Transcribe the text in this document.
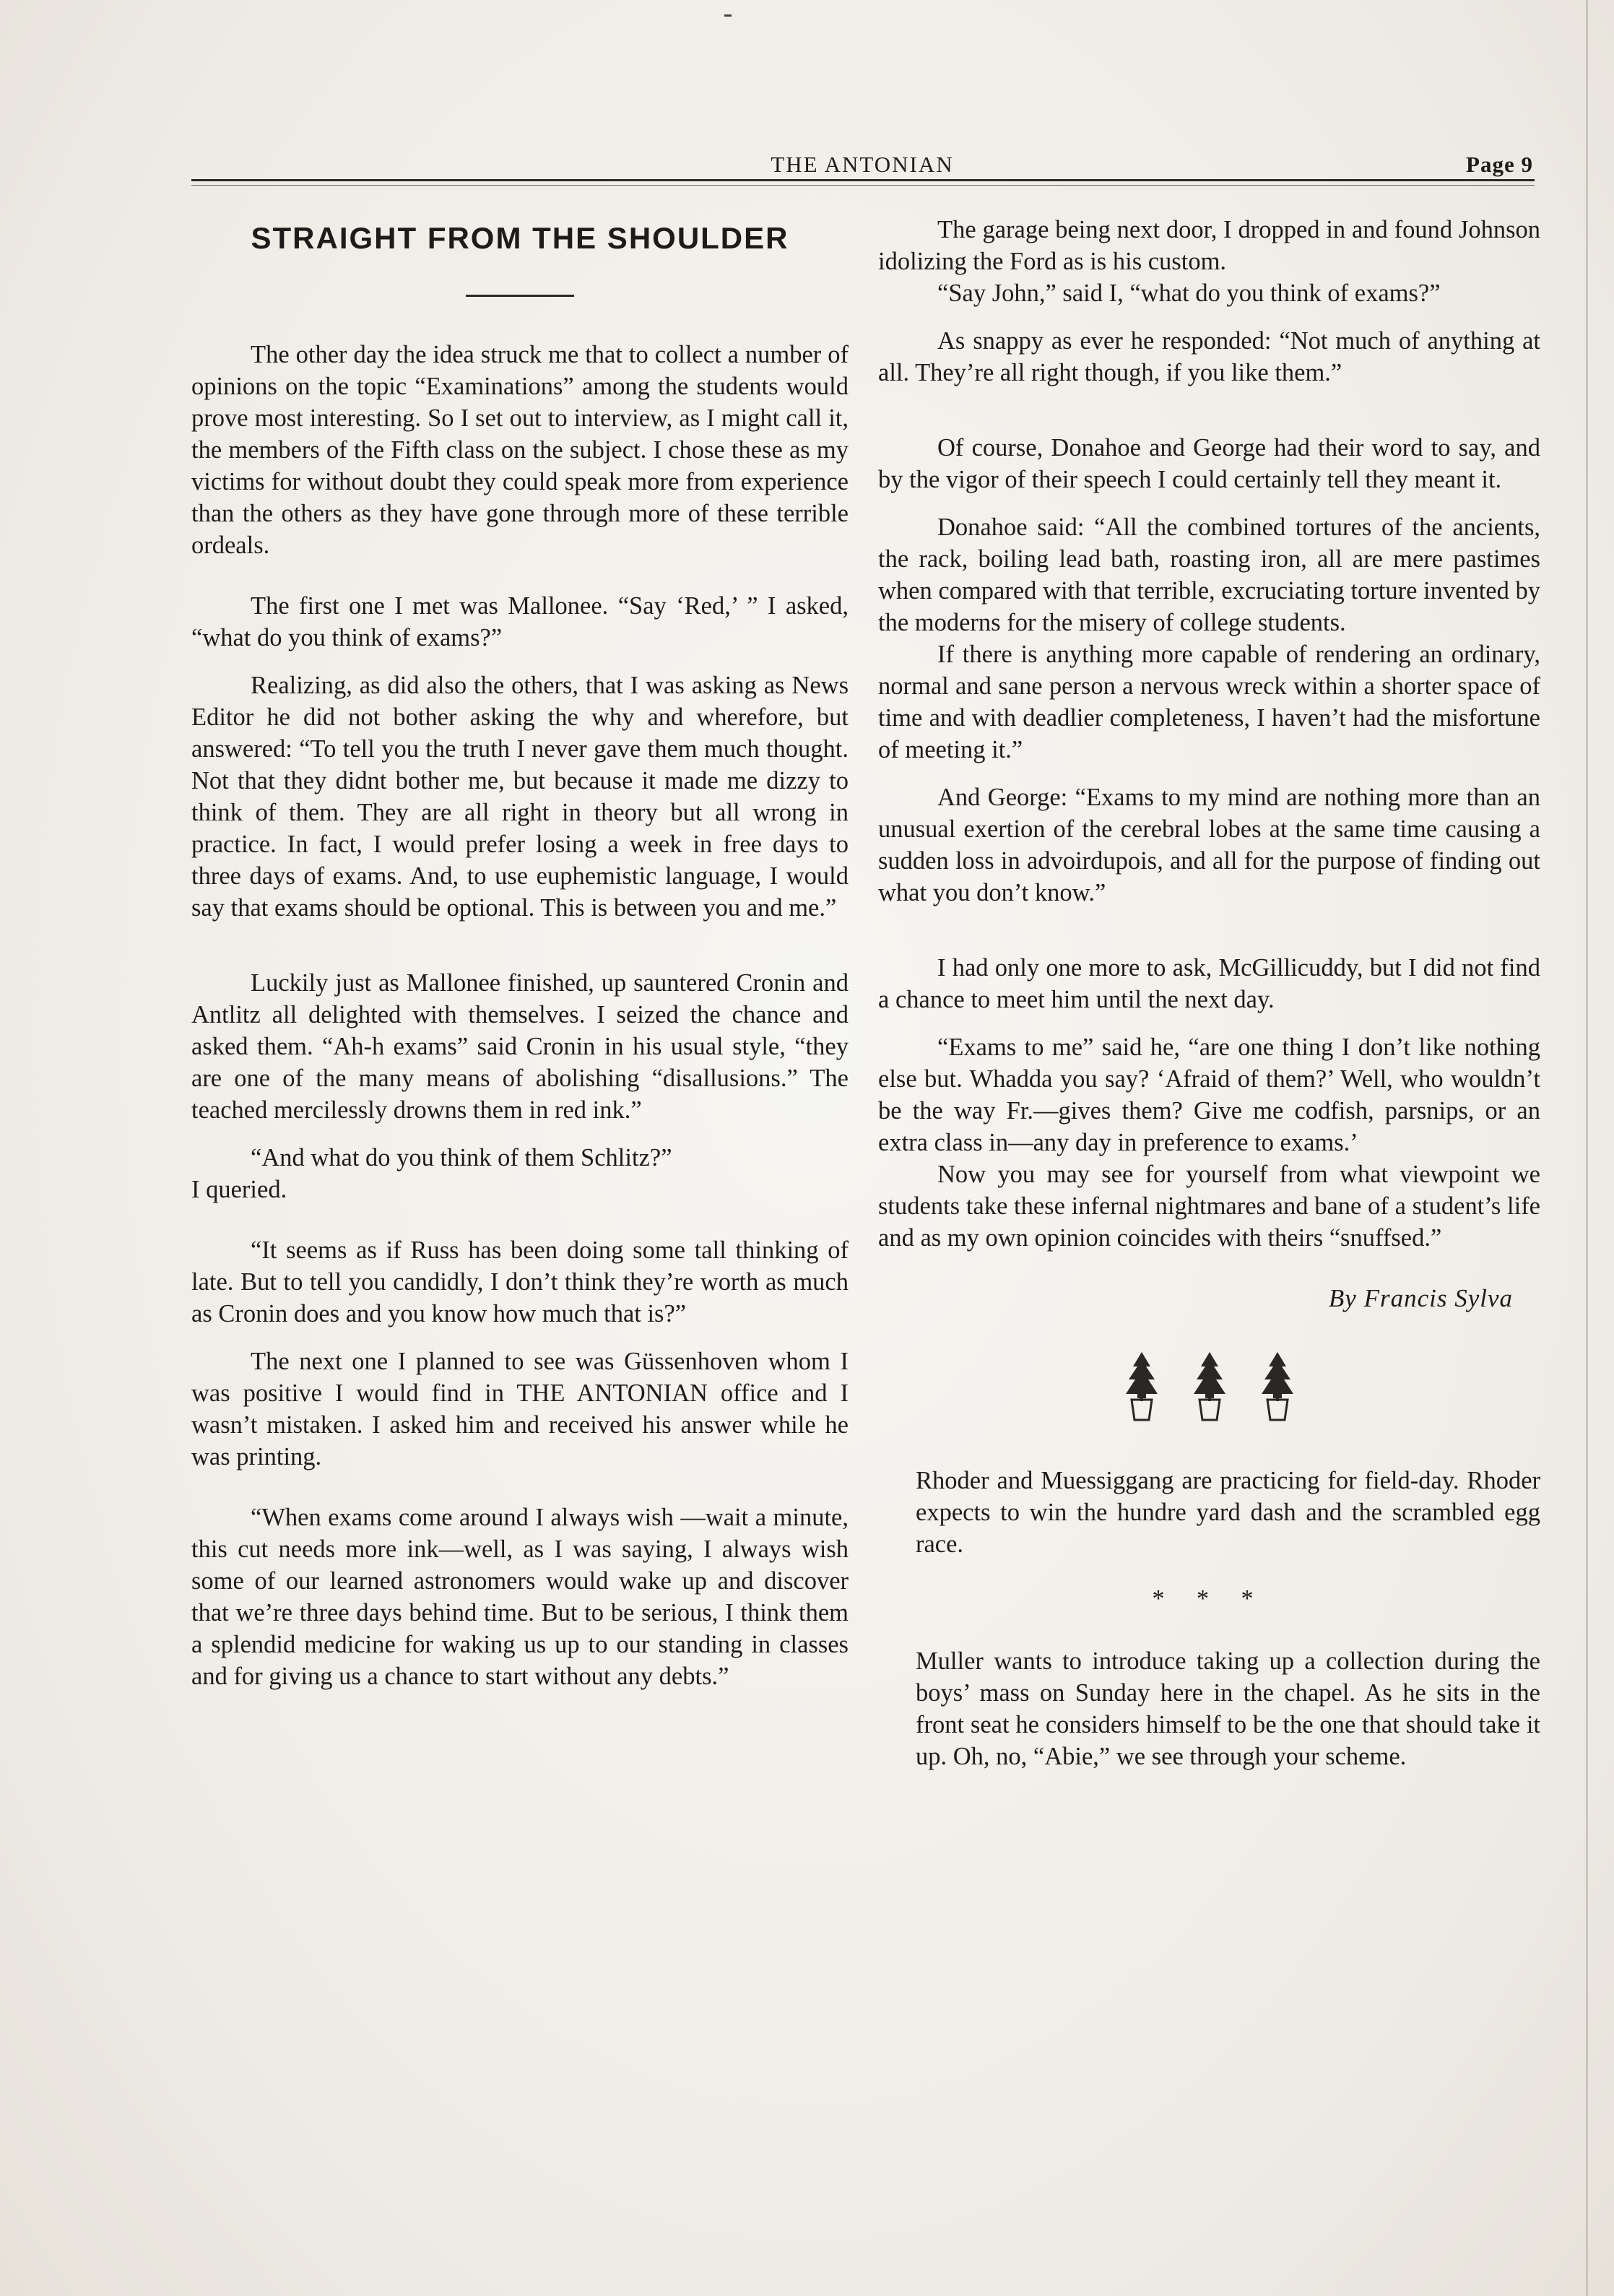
THE ANTONIAN	Page 9
STRAIGHT FROM THE SHOULDER

The other day the idea struck me that to collect a number of opinions on the topic “Examinations” among the students would prove most interesting. So I set out to interview, as I might call it, the members of the Fifth class on the subject. I chose these as my victims for without doubt they could speak more from experience than the others as they have gone through more of these terrible ordeals.

The first one I met was Mallonee. “Say ‘Red,’ ” I asked, “what do you think of exams?”

Realizing, as did also the others, that I was asking as News Editor he did not bother asking the why and wherefore, but answered: “To tell you the truth I never gave them much thought. Not that they didnt bother me, but because it made me dizzy to think of them. They are all right in theory but all wrong in practice. In fact, I would prefer losing a week in free days to three days of exams. And, to use euphemistic language, I would say that exams should be optional. This is between you and me.”

Luckily just as Mallonee finished, up sauntered Cronin and Antlitz all delighted with themselves. I seized the chance and asked them. “Ah-h exams” said Cronin in his usual style, “they are one of the many means of abolishing “disallusions.” The teached mercilessly drowns them in red ink.”

“And what do you think of them Schlitz?”

I queried.

“It seems as if Russ has been doing some tall thinking of late. But to tell you candidly, I don’t think they’re worth as much as Cronin does and you know how much that is?”

The next one I planned to see was Güssenhoven whom I was positive I would find in THE ANTONIAN office and I wasn’t mistaken. I asked him and received his answer while he was printing.

“When exams come around I always wish —wait a minute, this cut needs more ink—well, as I was saying, I always wish some of our learned astronomers would wake up and discover that we’re three days behind time. But to be serious, I think them a splendid medicine for waking us up to our standing in classes and for giving us a chance to start without any debts.”

The garage being next door, I dropped in and found Johnson idolizing the Ford as is his custom.

“Say John,” said I, “what do you think of exams?”

As snappy as ever he responded: “Not much of anything at all. They’re all right though, if you like them.”

Of course, Donahoe and George had their word to say, and by the vigor of their speech I could certainly tell they meant it.

Donahoe said: “All the combined tortures of the ancients, the rack, boiling lead bath, roasting iron, all are mere pastimes when compared with that terrible, excruciating torture invented by the moderns for the misery of college students.

If there is anything more capable of rendering an ordinary, normal and sane person a nervous wreck within a shorter space of time and with deadlier completeness, I haven’t had the misfortune of meeting it.”

And George: “Exams to my mind are nothing more than an unusual exertion of the cerebral lobes at the same time causing a sudden loss in advoirdupois, and all for the purpose of finding out what you don’t know.”

I had only one more to ask, McGillicuddy, but I did not find a chance to meet him until the next day.

“Exams to me” said he, “are one thing I don’t like nothing else but. Whadda you say? ‘Afraid of them?’ Well, who wouldn’t be the way Fr.—gives them? Give me codfish, parsnips, or an extra class in—any day in preference to exams.’

Now you may see for yourself from what viewpoint we students take these infernal nightmares and bane of a student’s life and as my own opinion coincides with theirs “snuffsed.”

By Francis Sylva

Rhoder and Muessiggang are practicing for field-day. Rhoder expects to win the hundre yard dash and the scrambled egg race.

* * *

Muller wants to introduce taking up a collection during the boys’ mass on Sunday here in the chapel. As he sits in the front seat he considers himself to be the one that should take it up. Oh, no, “Abie,” we see through your scheme.
